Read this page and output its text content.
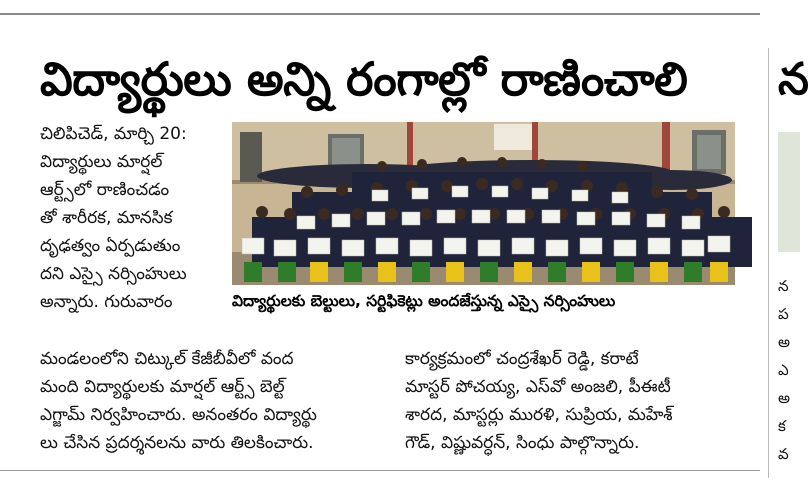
విద్యార్థులు అన్ని రంగాల్లో రాణించాలి	న

చిలిపిచెడ్, మార్చి 20:

విద్యార్థులు మార్షల్

ఆర్ట్స్‌లో రాణించడం

తో శారీరక, మానసిక

దృఢత్వం ఏర్పడుతుం

దని ఎస్సై నర్సింహులు

అన్నారు. గురువారం	విద్యార్థులకు బెల్టులు, సర్టిఫికెట్లు అందజేస్తున్న ఎస్సై నర్సింహులు

మండలంలోని చిట్కుల్ కేజీబీవీలో వంద

మంది విద్యార్థులకు మార్షల్ ఆర్ట్స్ బెల్ట్

ఎగ్జామ్ నిర్వహించారు. అనంతరం విద్యార్థు

లు చేసిన ప్రదర్శనలను వారు తిలకించారు.

కార్యక్రమంలో చంద్రశేఖర్ రెడ్డి, కరాటే

మాస్టర్ పోచయ్య, ఎస్‌వో అంజలి, పీఈటీ

శారద, మాస్టర్లు మురళి, సుప్రియ, మహేశ్

గౌడ్, విష్ణువర్ధన్, సింధు పాల్గొన్నారు.

న
ప
అ
ఎ
అ
క
వ
